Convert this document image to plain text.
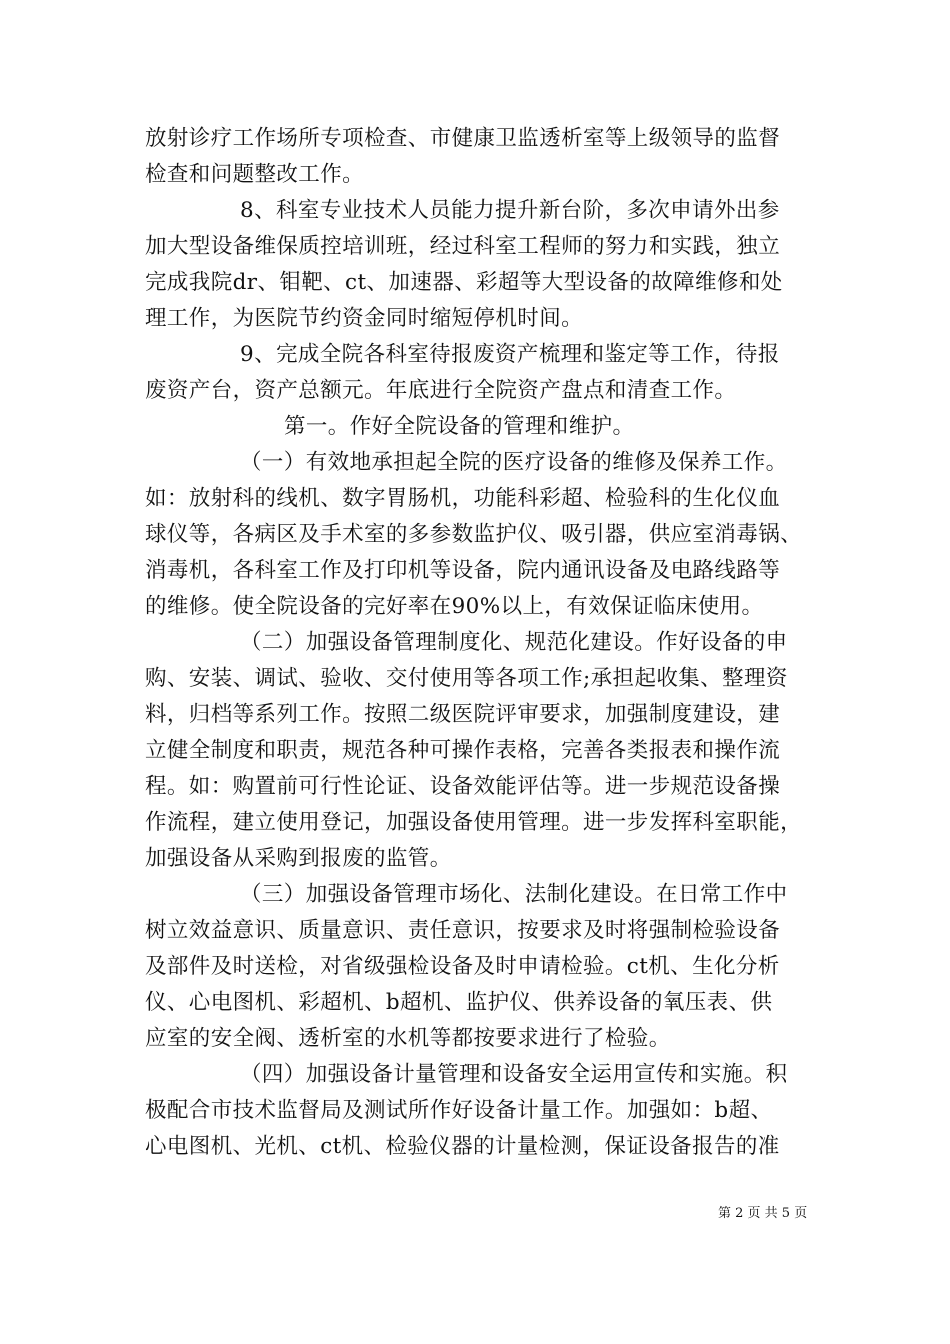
放射诊疗工作场所专项检查、市健康卫监透析室等上级领导的监督
检查和问题整改工作。
8、科室专业技术人员能力提升新台阶，多次申请外出参
加大型设备维保质控培训班，经过科室工程师的努力和实践，独立
完成我院dr、钼靶、ct、加速器、彩超等大型设备的故障维修和处
理工作，为医院节约资金同时缩短停机时间。
9、完成全院各科室待报废资产梳理和鉴定等工作，待报
废资产台，资产总额元。年底进行全院资产盘点和清查工作。
第一。作好全院设备的管理和维护。
（一）有效地承担起全院的医疗设备的维修及保养工作。
如：放射科的线机、数字胃肠机，功能科彩超、检验科的生化仪血
球仪等，各病区及手术室的多参数监护仪、吸引器，供应室消毒锅、
消毒机，各科室工作及打印机等设备，院内通讯设备及电路线路等
的维修。使全院设备的完好率在90%以上，有效保证临床使用。
（二）加强设备管理制度化、规范化建设。作好设备的申
购、安装、调试、验收、交付使用等各项工作;承担起收集、整理资
料，归档等系列工作。按照二级医院评审要求，加强制度建设，建
立健全制度和职责，规范各种可操作表格，完善各类报表和操作流
程。如：购置前可行性论证、设备效能评估等。进一步规范设备操
作流程，建立使用登记，加强设备使用管理。进一步发挥科室职能，
加强设备从采购到报废的监管。
（三）加强设备管理市场化、法制化建设。在日常工作中
树立效益意识、质量意识、责任意识，按要求及时将强制检验设备
及部件及时送检，对省级强检设备及时申请检验。ct机、生化分析
仪、心电图机、彩超机、b超机、监护仪、供养设备的氧压表、供
应室的安全阀、透析室的水机等都按要求进行了检验。
（四）加强设备计量管理和设备安全运用宣传和实施。积
极配合市技术监督局及测试所作好设备计量工作。加强如：b超、
心电图机、光机、ct机、检验仪器的计量检测，保证设备报告的准
第 2 页 共 5 页
